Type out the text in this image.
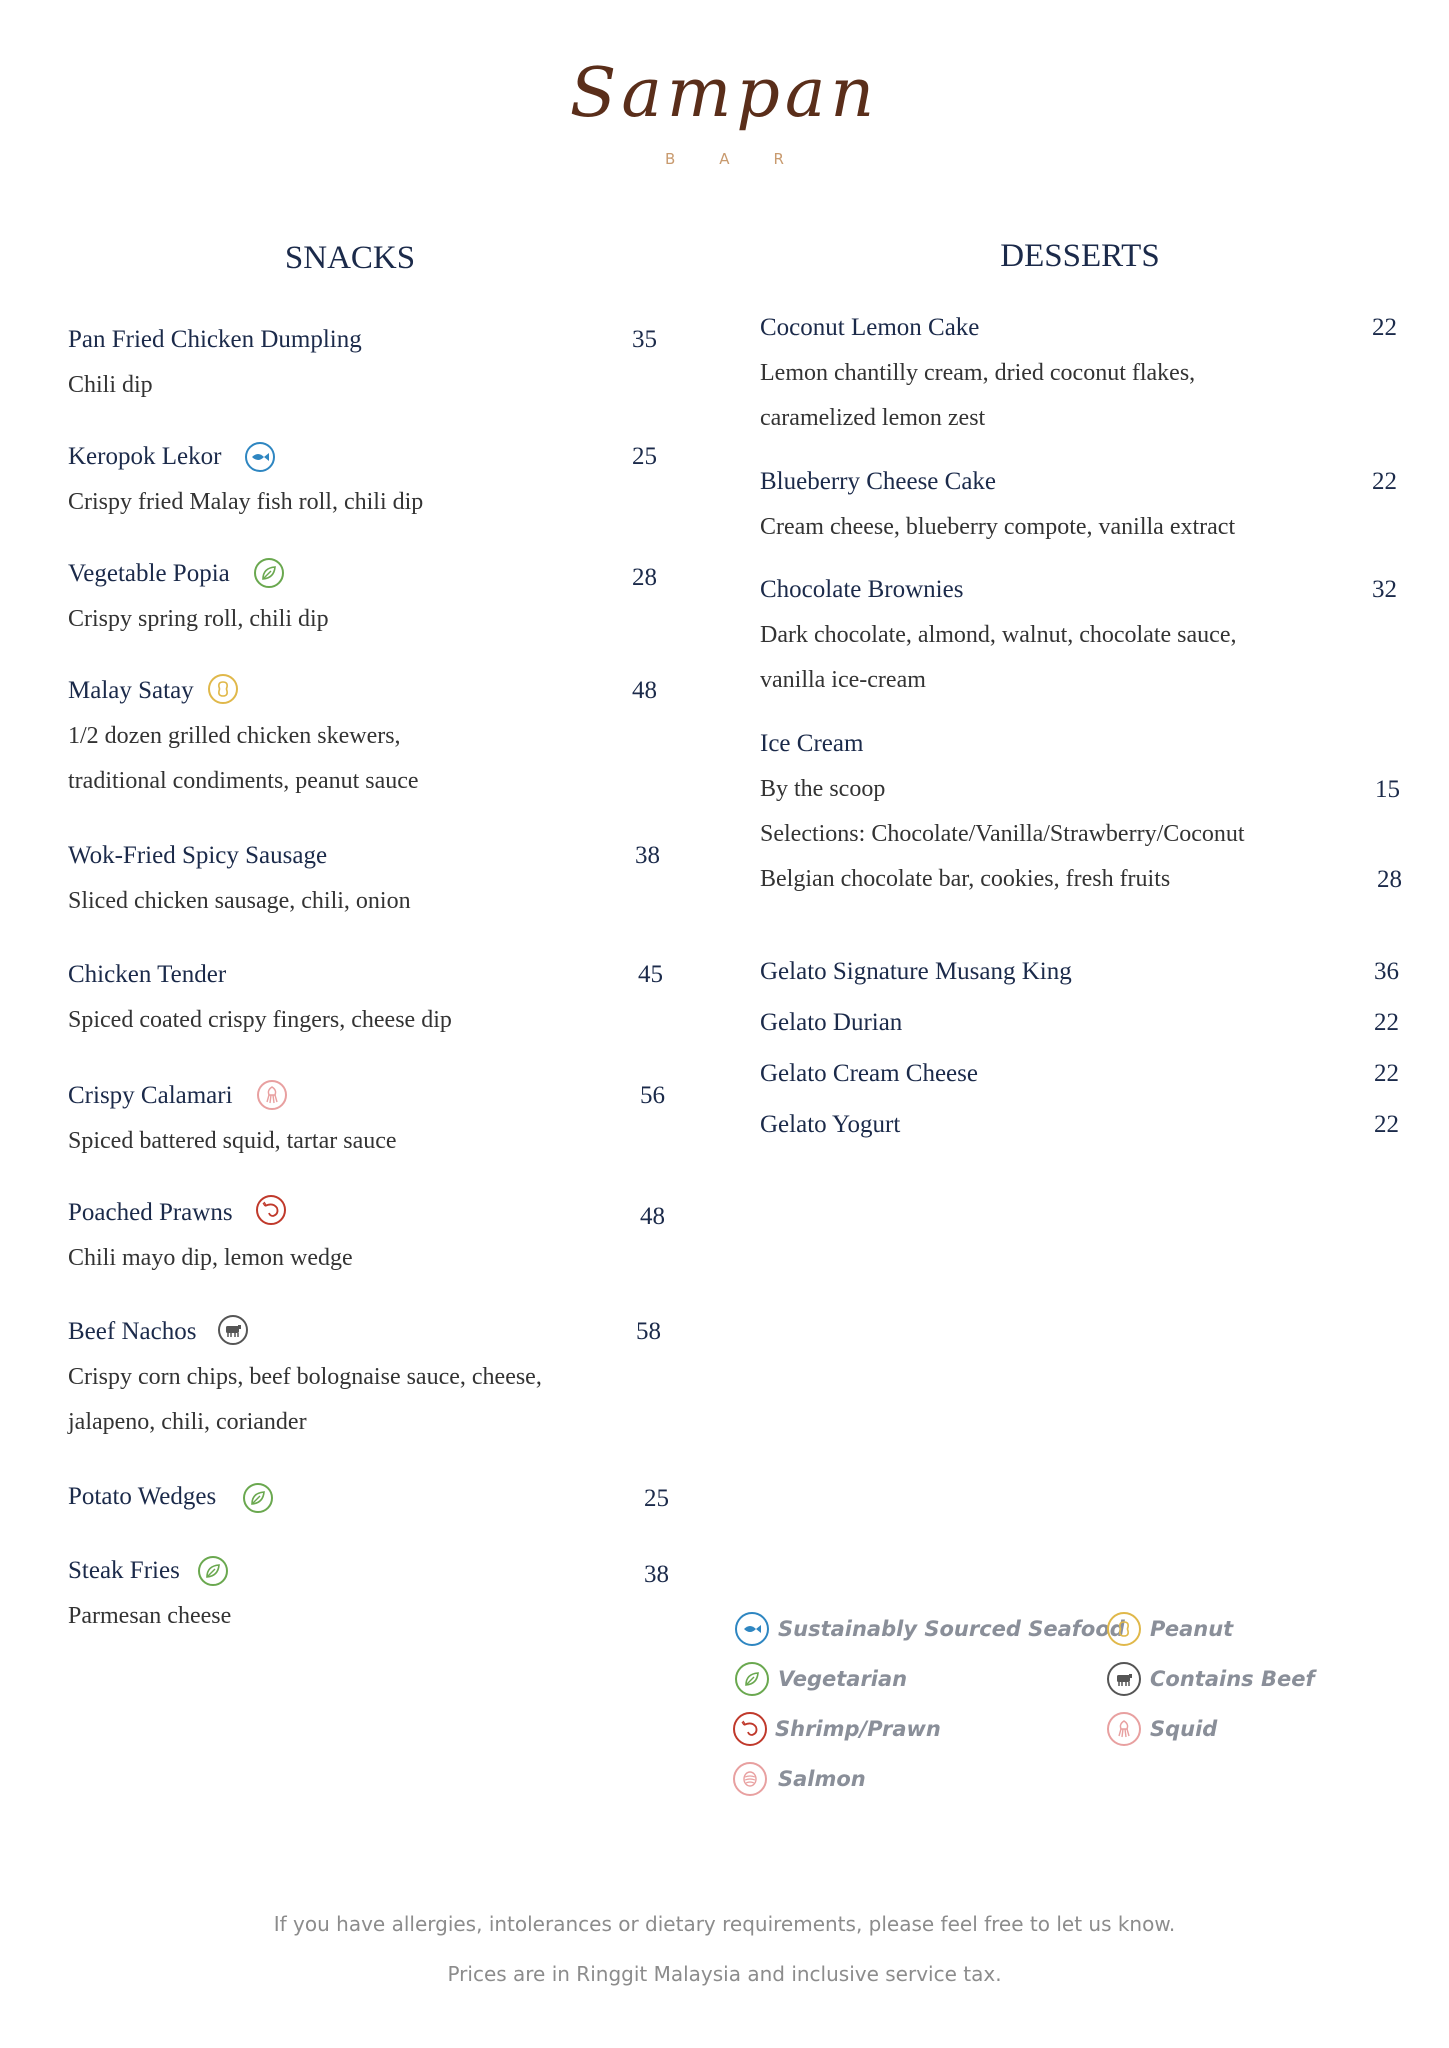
Sampan
BAR
SNACKS	DESSERTS
Pan Fried Chicken Dumpling	35
Chili dip
Keropok Lekor	25
Crispy fried Malay fish roll, chili dip
Vegetable Popia	28
Crispy spring roll, chili dip
Malay Satay	48
1/2 dozen grilled chicken skewers,
traditional condiments, peanut sauce
Wok-Fried Spicy Sausage	38
Sliced chicken sausage, chili, onion
Chicken Tender	45
Spiced coated crispy fingers, cheese dip
Crispy Calamari	56
Spiced battered squid, tartar sauce
Poached Prawns	48
Chili mayo dip, lemon wedge
Beef Nachos	58
Crispy corn chips, beef bolognaise sauce, cheese,
jalapeno, chili, coriander
Potato Wedges	25
Steak Fries	38
Parmesan cheese
Coconut Lemon Cake	22
Lemon chantilly cream, dried coconut flakes,
caramelized lemon zest
Blueberry Cheese Cake	22
Cream cheese, blueberry compote, vanilla extract
Chocolate Brownies	32
Dark chocolate, almond, walnut, chocolate sauce,
vanilla ice-cream
Ice Cream
By the scoop	15
Selections: Chocolate/Vanilla/Strawberry/Coconut
Belgian chocolate bar, cookies, fresh fruits	28
Gelato Signature Musang King	36
Gelato Durian	22
Gelato Cream Cheese	22
Gelato Yogurt	22
Sustainably Sourced Seafood Peanut
Vegetarian	Contains Beef
Shrimp/Prawn	Squid
Salmon
If you have allergies, intolerances or dietary requirements, please feel free to let us know.
Prices are in Ringgit Malaysia and inclusive service tax.
